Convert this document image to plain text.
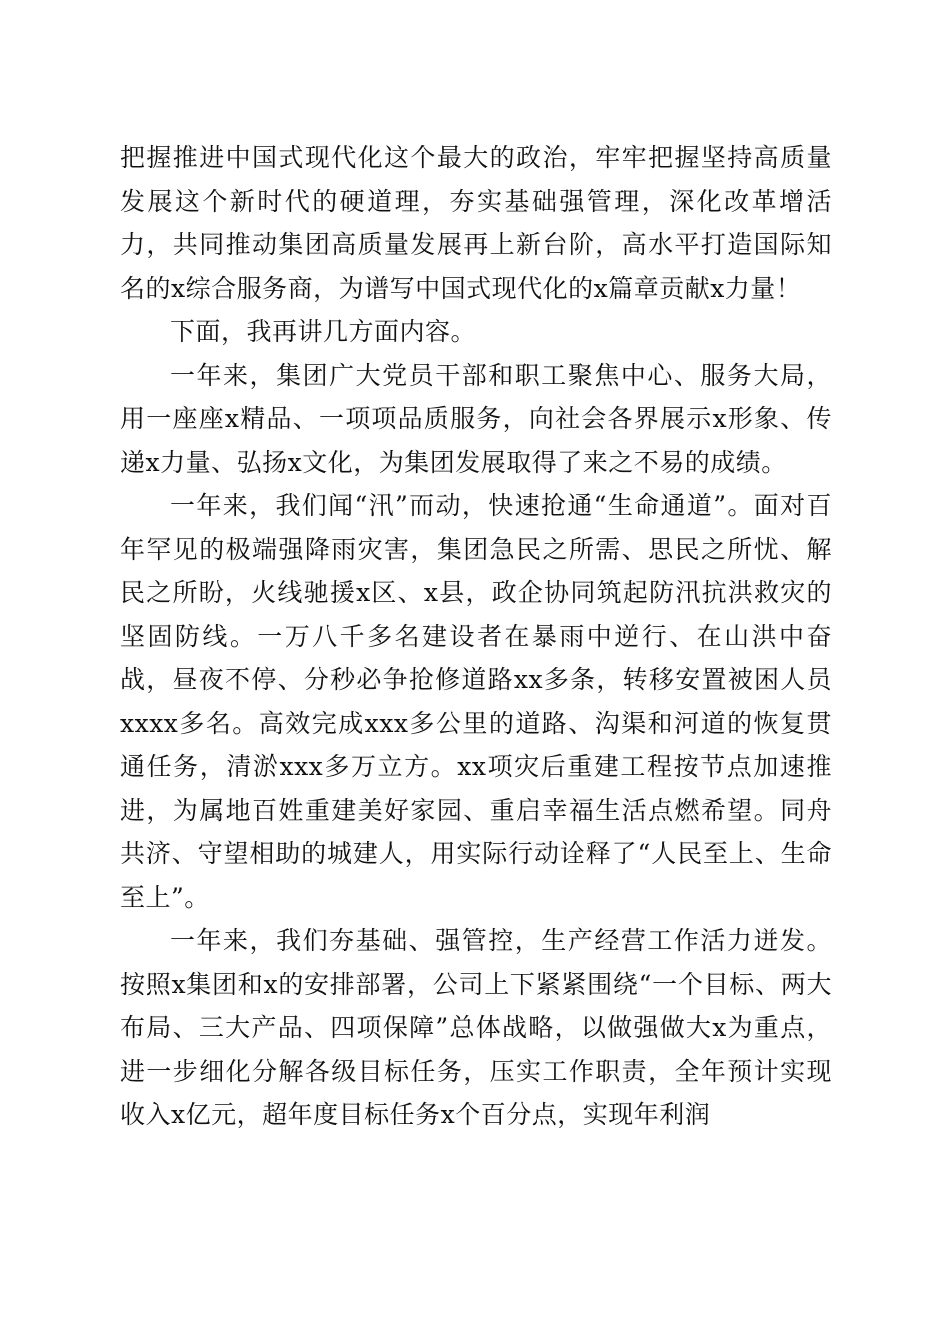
把握推进中国式现代化这个最大的政治，牢牢把握坚持高质量发展这个新时代的硬道理，夯实基础强管理，深化改革增活力，共同推动集团高质量发展再上新台阶，高水平打造国际知名的x综合服务商，为谱写中国式现代化的x篇章贡献x力量！

下面，我再讲几方面内容。

一年来，集团广大党员干部和职工聚焦中心、服务大局，用一座座x精品、一项项品质服务，向社会各界展示x形象、传递x力量、弘扬x文化，为集团发展取得了来之不易的成绩。

一年来，我们闻“汛”而动，快速抢通“生命通道”。面对百年罕见的极端强降雨灾害，集团急民之所需、思民之所忧、解民之所盼，火线驰援x区、x县，政企协同筑起防汛抗洪救灾的坚固防线。一万八千多名建设者在暴雨中逆行、在山洪中奋战，昼夜不停、分秒必争抢修道路xx多条，转移安置被困人员xxxx多名。高效完成xxx多公里的道路、沟渠和河道的恢复贯通任务，清淤xxx多万立方。xx项灾后重建工程按节点加速推进，为属地百姓重建美好家园、重启幸福生活点燃希望。同舟共济、守望相助的城建人，用实际行动诠释了“人民至上、生命至上”。

一年来，我们夯基础、强管控，生产经营工作活力迸发。按照x集团和x的安排部署，公司上下紧紧围绕“一个目标、两大布局、三大产品、四项保障”总体战略，以做强做大x为重点，进一步细化分解各级目标任务，压实工作职责，全年预计实现收入x亿元，超年度目标任务x个百分点，实现年利润
